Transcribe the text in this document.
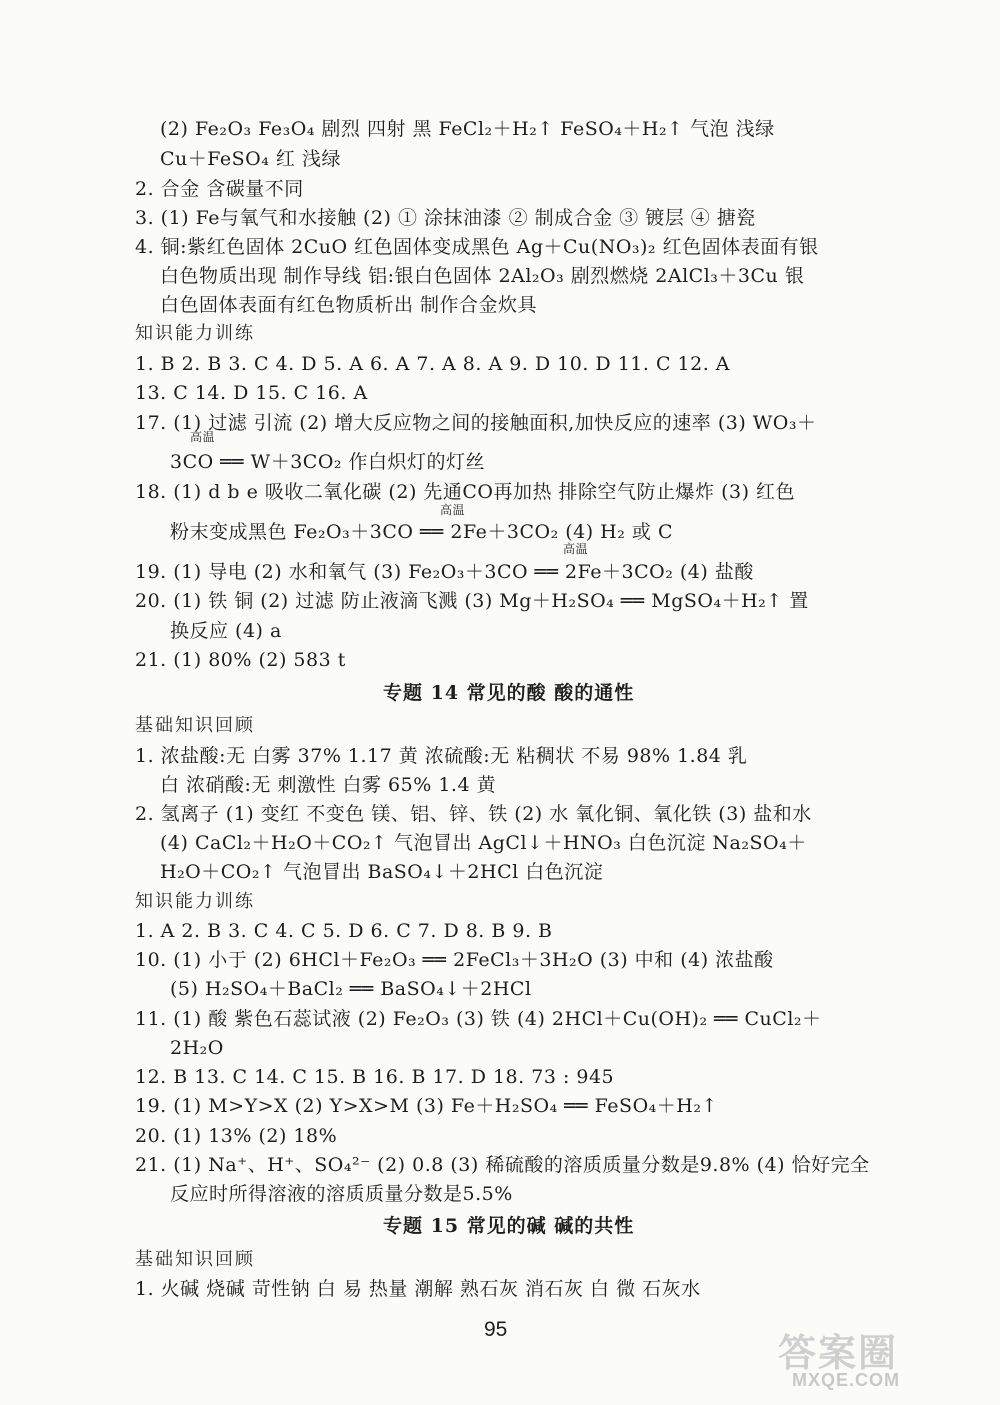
(2) Fe₂O₃ Fe₃O₄ 剧烈 四射 黑 FeCl₂＋H₂↑ FeSO₄＋H₂↑ 气泡 浅绿
Cu＋FeSO₄ 红 浅绿
2. 合金 含碳量不同
3. (1) Fe与氧气和水接触 (2) ① 涂抹油漆 ② 制成合金 ③ 镀层 ④ 搪瓷
4. 铜:紫红色固体 2CuO 红色固体变成黑色 Ag＋Cu(NO₃)₂ 红色固体表面有银
白色物质出现 制作导线 铝:银白色固体 2Al₂O₃ 剧烈燃烧 2AlCl₃＋3Cu 银
白色固体表面有红色物质析出 制作合金炊具
知识能力训练
1. B 2. B 3. C 4. D 5. A 6. A 7. A 8. A 9. D 10. D 11. C 12. A
13. C 14. D 15. C 16. A
17. (1) 过滤 引流 (2) 增大反应物之间的接触面积,加快反应的速率 (3) WO₃＋
高温
3CO ══ W＋3CO₂ 作白炽灯的灯丝
18. (1) d b e 吸收二氧化碳 (2) 先通CO再加热 排除空气防止爆炸 (3) 红色
高温
粉末变成黑色 Fe₂O₃＋3CO ══ 2Fe＋3CO₂ (4) H₂ 或 C
高温
19. (1) 导电 (2) 水和氧气 (3) Fe₂O₃＋3CO ══ 2Fe＋3CO₂ (4) 盐酸
20. (1) 铁 铜 (2) 过滤 防止液滴飞溅 (3) Mg＋H₂SO₄ ══ MgSO₄＋H₂↑ 置
换反应 (4) a
21. (1) 80% (2) 583 t
专题 14 常见的酸 酸的通性
基础知识回顾
1. 浓盐酸:无 白雾 37% 1.17 黄 浓硫酸:无 粘稠状 不易 98% 1.84 乳
白 浓硝酸:无 刺激性 白雾 65% 1.4 黄
2. 氢离子 (1) 变红 不变色 镁、铝、锌、铁 (2) 水 氧化铜、氧化铁 (3) 盐和水
(4) CaCl₂＋H₂O＋CO₂↑ 气泡冒出 AgCl↓＋HNO₃ 白色沉淀 Na₂SO₄＋
H₂O＋CO₂↑ 气泡冒出 BaSO₄↓＋2HCl 白色沉淀
知识能力训练
1. A 2. B 3. C 4. C 5. D 6. C 7. D 8. B 9. B
10. (1) 小于 (2) 6HCl＋Fe₂O₃ ══ 2FeCl₃＋3H₂O (3) 中和 (4) 浓盐酸
(5) H₂SO₄＋BaCl₂ ══ BaSO₄↓＋2HCl
11. (1) 酸 紫色石蕊试液 (2) Fe₂O₃ (3) 铁 (4) 2HCl＋Cu(OH)₂ ══ CuCl₂＋
2H₂O
12. B 13. C 14. C 15. B 16. B 17. D 18. 73 : 945
19. (1) M>Y>X (2) Y>X>M (3) Fe＋H₂SO₄ ══ FeSO₄＋H₂↑
20. (1) 13% (2) 18%
21. (1) Na⁺、H⁺、SO₄²⁻ (2) 0.8 (3) 稀硫酸的溶质质量分数是9.8% (4) 恰好完全
反应时所得溶液的溶质质量分数是5.5%
专题 15 常见的碱 碱的共性
基础知识回顾
1. 火碱 烧碱 苛性钠 白 易 热量 潮解 熟石灰 消石灰 白 微 石灰水
95
答案圈
MXQE.COM
